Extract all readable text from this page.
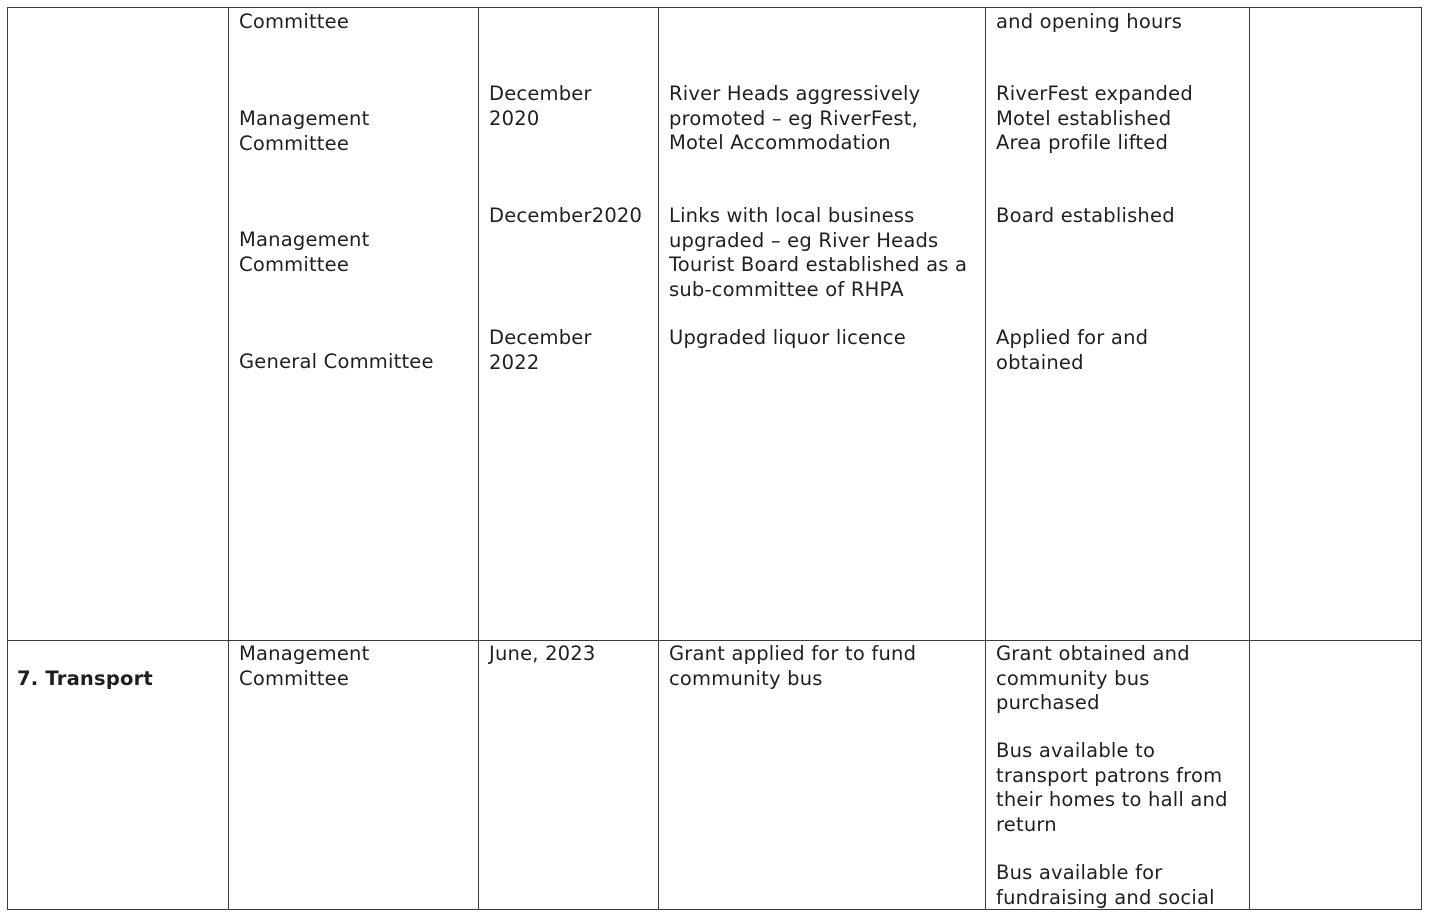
Committee
Management
Committee
Management
Committee
General Committee
December
2020
December2020
December
2022
River Heads aggressively
promoted – eg RiverFest,
Motel Accommodation
Links with local business
upgraded – eg River Heads
Tourist Board established as a
sub-committee of RHPA
Upgraded liquor licence
and opening hours
RiverFest expanded
Motel established
Area profile lifted
Board established
Applied for and
obtained

7. Transport

Management
Committee
June, 2023	Grant applied for to fund
community bus
Grant obtained and
community bus
purchased
Bus available to
transport patrons from
their homes to hall and
return
Bus available for
fundraising and social
